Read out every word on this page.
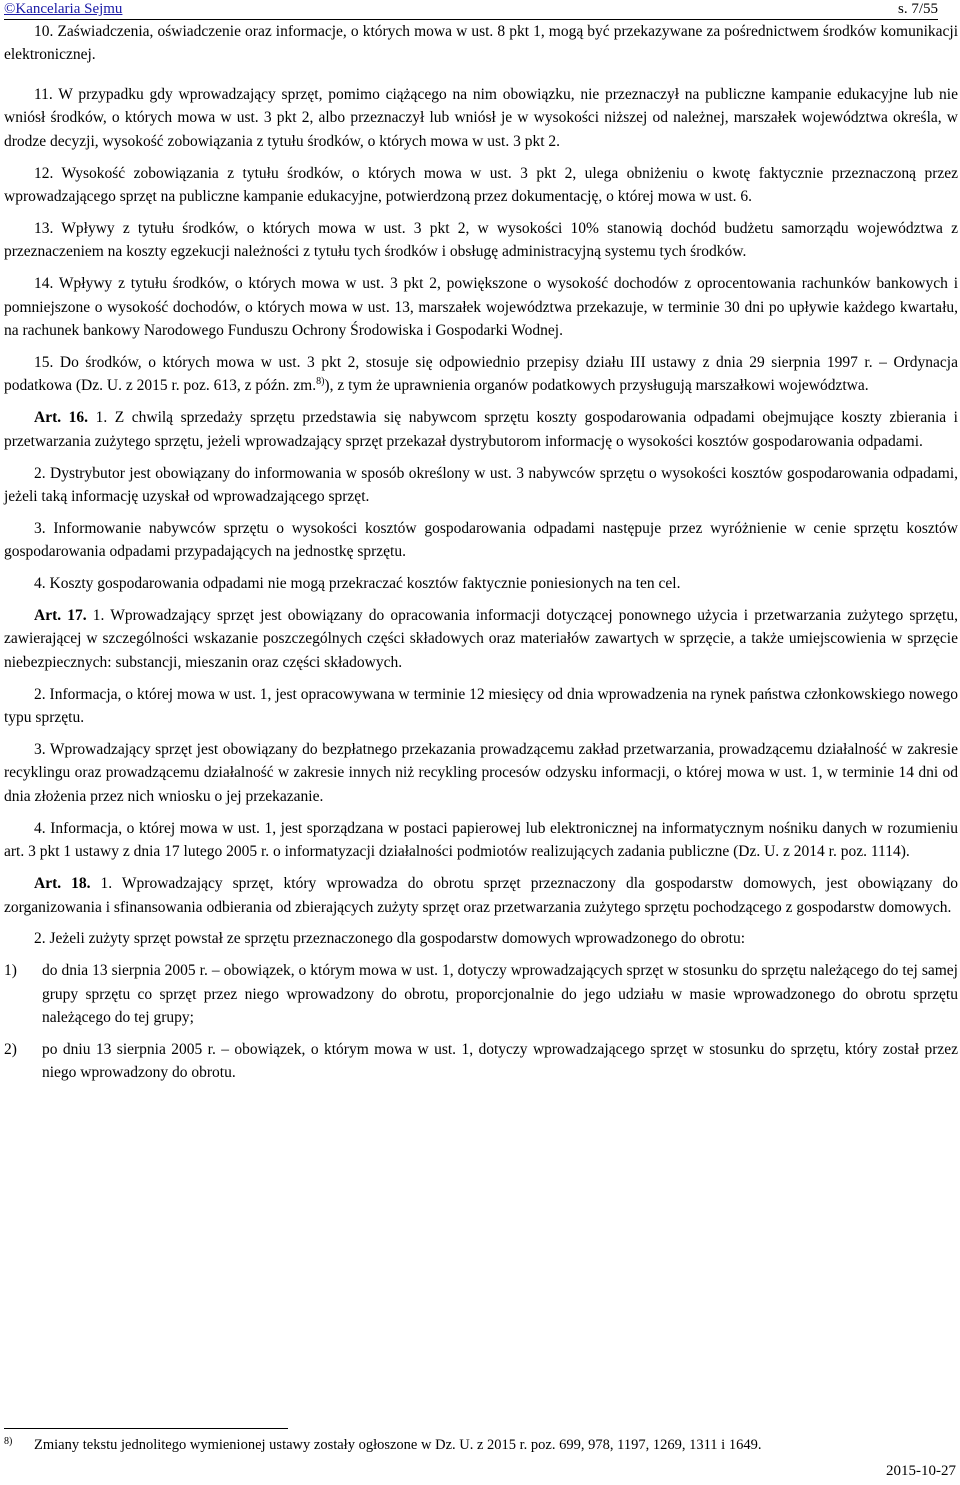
©Kancelaria Sejmu	s. 7/55

10. Zaświadczenia, oświadczenie oraz informacje, o których mowa w ust. 8 pkt 1, mogą być przekazywane za pośrednictwem środków komunikacji elektronicznej.

11. W przypadku gdy wprowadzający sprzęt, pomimo ciążącego na nim obowiązku, nie przeznaczył na publiczne kampanie edukacyjne lub nie wniósł środków, o których mowa w ust. 3 pkt 2, albo przeznaczył lub wniósł je w wysokości niższej od należnej, marszałek województwa określa, w drodze decyzji, wysokość zobowiązania z tytułu środków, o których mowa w ust. 3 pkt 2.

12. Wysokość zobowiązania z tytułu środków, o których mowa w ust. 3 pkt 2, ulega obniżeniu o kwotę faktycznie przeznaczoną przez wprowadzającego sprzęt na publiczne kampanie edukacyjne, potwierdzoną przez dokumentację, o której mowa w ust. 6.

13. Wpływy z tytułu środków, o których mowa w ust. 3 pkt 2, w wysokości 10% stanowią dochód budżetu samorządu województwa z przeznaczeniem na koszty egzekucji należności z tytułu tych środków i obsługę administracyjną systemu tych środków.

14. Wpływy z tytułu środków, o których mowa w ust. 3 pkt 2, powiększone o wysokość dochodów z oprocentowania rachunków bankowych i pomniejszone o wysokość dochodów, o których mowa w ust. 13, marszałek województwa przekazuje, w terminie 30 dni po upływie każdego kwartału, na rachunek bankowy Narodowego Funduszu Ochrony Środowiska i Gospodarki Wodnej.

15. Do środków, o których mowa w ust. 3 pkt 2, stosuje się odpowiednio przepisy działu III ustawy z dnia 29 sierpnia 1997 r. – Ordynacja podatkowa (Dz. U. z 2015 r. poz. 613, z późn. zm.$^{8)}$), z tym że uprawnienia organów podatkowych przysługują marszałkowi województwa.

Art. 16. 1. Z chwilą sprzedaży sprzętu przedstawia się nabywcom sprzętu koszty gospodarowania odpadami obejmujące koszty zbierania i przetwarzania zużytego sprzętu, jeżeli wprowadzający sprzęt przekazał dystrybutorom informację o wysokości kosztów gospodarowania odpadami.

2. Dystrybutor jest obowiązany do informowania w sposób określony w ust. 3 nabywców sprzętu o wysokości kosztów gospodarowania odpadami, jeżeli taką informację uzyskał od wprowadzającego sprzęt.

3. Informowanie nabywców sprzętu o wysokości kosztów gospodarowania odpadami następuje przez wyróżnienie w cenie sprzętu kosztów gospodarowania odpadami przypadających na jednostkę sprzętu.

4. Koszty gospodarowania odpadami nie mogą przekraczać kosztów faktycznie poniesionych na ten cel.

Art. 17. 1. Wprowadzający sprzęt jest obowiązany do opracowania informacji dotyczącej ponownego użycia i przetwarzania zużytego sprzętu, zawierającej w szczególności wskazanie poszczególnych części składowych oraz materiałów zawartych w sprzęcie, a także umiejscowienia w sprzęcie niebezpiecznych: substancji, mieszanin oraz części składowych.

2. Informacja, o której mowa w ust. 1, jest opracowywana w terminie 12 miesięcy od dnia wprowadzenia na rynek państwa członkowskiego nowego typu sprzętu.

3. Wprowadzający sprzęt jest obowiązany do bezpłatnego przekazania prowadzącemu zakład przetwarzania, prowadzącemu działalność w zakresie recyklingu oraz prowadzącemu działalność w zakresie innych niż recykling procesów odzysku informacji, o której mowa w ust. 1, w terminie 14 dni od dnia złożenia przez nich wniosku o jej przekazanie.

4. Informacja, o której mowa w ust. 1, jest sporządzana w postaci papierowej lub elektronicznej na informatycznym nośniku danych w rozumieniu art. 3 pkt 1 ustawy z dnia 17 lutego 2005 r. o informatyzacji działalności podmiotów realizujących zadania publiczne (Dz. U. z 2014 r. poz. 1114).

Art. 18. 1. Wprowadzający sprzęt, który wprowadza do obrotu sprzęt przeznaczony dla gospodarstw domowych, jest obowiązany do zorganizowania i sfinansowania odbierania od zbierających zużyty sprzęt oraz przetwarzania zużytego sprzętu pochodzącego z gospodarstw domowych.

2. Jeżeli zużyty sprzęt powstał ze sprzętu przeznaczonego dla gospodarstw domowych wprowadzonego do obrotu:

1)	do dnia 13 sierpnia 2005 r. – obowiązek, o którym mowa w ust. 1, dotyczy wprowadzających sprzęt w stosunku do sprzętu należącego do tej samej grupy sprzętu co sprzęt przez niego wprowadzony do obrotu, proporcjonalnie do jego udziału w masie wprowadzonego do obrotu sprzętu należącego do tej grupy;
2)	po dniu 13 sierpnia 2005 r. – obowiązek, o którym mowa w ust. 1, dotyczy wprowadzającego sprzęt w stosunku do sprzętu, który został przez niego wprowadzony do obrotu.
8)	Zmiany tekstu jednolitego wymienionej ustawy zostały ogłoszone w Dz. U. z 2015 r. poz. 699, 978, 1197, 1269, 1311 i 1649.
2015-10-27
